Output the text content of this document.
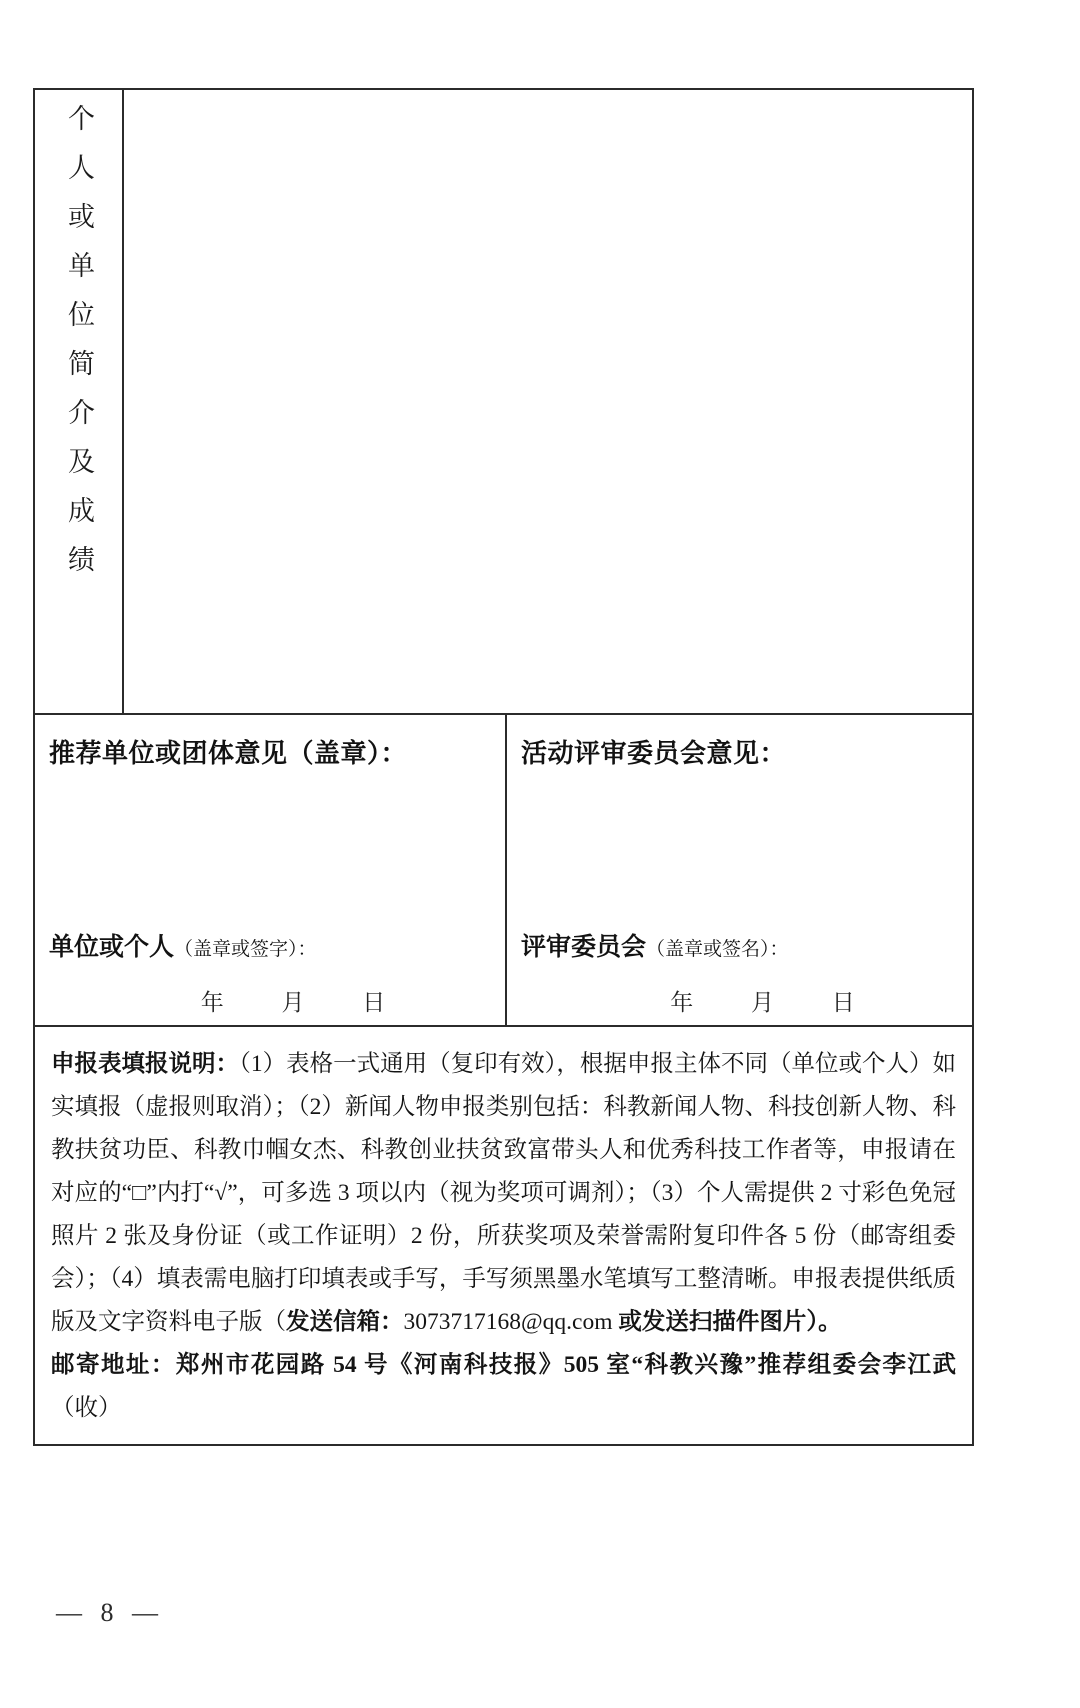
个人或单位简介及成绩
推荐单位或团体意见（盖章）：
单位或个人（盖章或签字）：
年	月	日
活动评审委员会意见：
评审委员会（盖章或签名）：
年	月	日

申报表填报说明：（1）表格一式通用（复印有效），根据申报主体不同（单位或个人）如实填报（虚报则取消）；（2）新闻人物申报类别包括：科教新闻人物、科技创新人物、科教扶贫功臣、科教巾帼女杰、科教创业扶贫致富带头人和优秀科技工作者等，申报请在对应的“□”内打“√”，可多选 3 项以内（视为奖项可调剂）；（3）个人需提供 2 寸彩色免冠照片 2 张及身份证（或工作证明）2 份，所获奖项及荣誉需附复印件各 5 份（邮寄组委会）；（4）填表需电脑打印填表或手写，手写须黑墨水笔填写工整清晰。申报表提供纸质版及文字资料电子版（发送信箱：3073717168@qq.com 或发送扫描件图片）。
邮寄地址：郑州市花园路 54 号《河南科技报》505 室“科教兴豫”推荐组委会李江武（收）

— 8 —
